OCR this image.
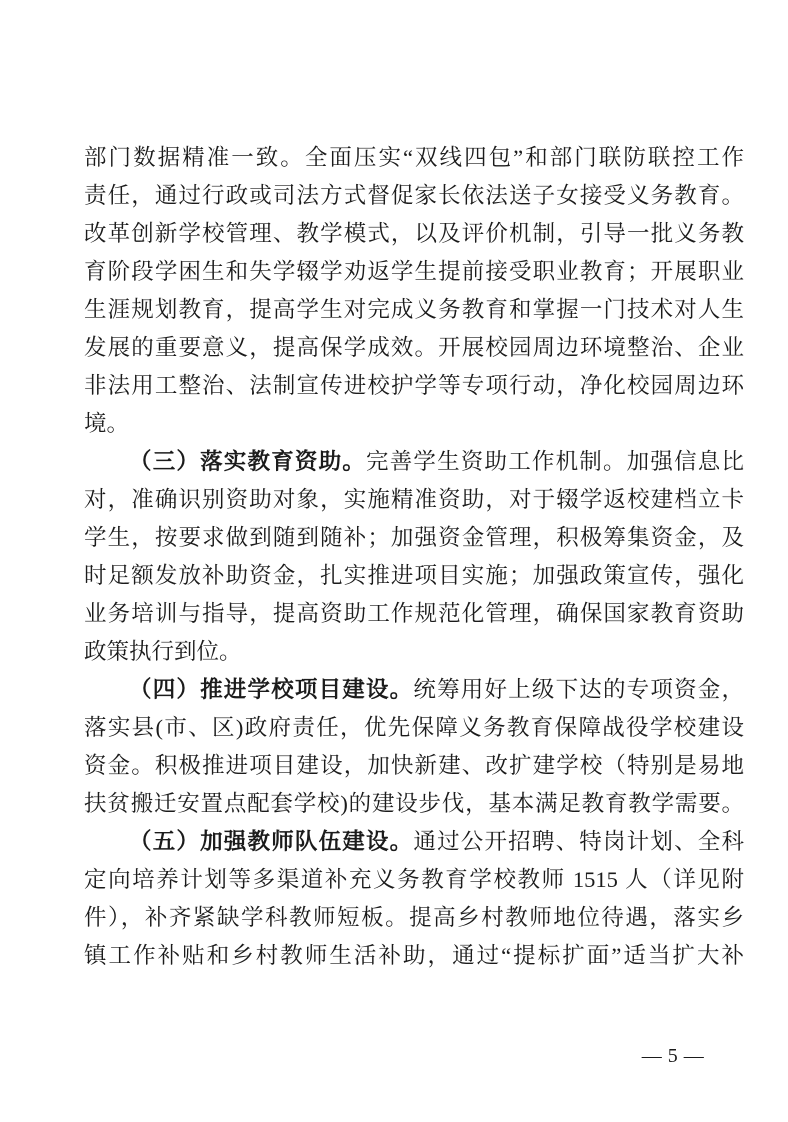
部门数据精准一致。全面压实“双线四包”和部门联防联控工作
责任，通过行政或司法方式督促家长依法送子女接受义务教育。
改革创新学校管理、教学模式，以及评价机制，引导一批义务教
育阶段学困生和失学辍学劝返学生提前接受职业教育；开展职业
生涯规划教育，提高学生对完成义务教育和掌握一门技术对人生
发展的重要意义，提高保学成效。开展校园周边环境整治、企业
非法用工整治、法制宣传进校护学等专项行动，净化校园周边环
境。
（三）落实教育资助。完善学生资助工作机制。加强信息比
对，准确识别资助对象，实施精准资助，对于辍学返校建档立卡
学生，按要求做到随到随补；加强资金管理，积极筹集资金，及
时足额发放补助资金，扎实推进项目实施；加强政策宣传，强化
业务培训与指导，提高资助工作规范化管理，确保国家教育资助
政策执行到位。
（四）推进学校项目建设。统筹用好上级下达的专项资金，
落实县(市、区)政府责任，优先保障义务教育保障战役学校建设
资金。积极推进项目建设，加快新建、改扩建学校（特别是易地
扶贫搬迁安置点配套学校)的建设步伐，基本满足教育教学需要。
（五）加强教师队伍建设。通过公开招聘、特岗计划、全科
定向培养计划等多渠道补充义务教育学校教师 1515 人（详见附
件），补齐紧缺学科教师短板。提高乡村教师地位待遇，落实乡
镇工作补贴和乡村教师生活补助，通过“提标扩面”适当扩大补
— 5 —
